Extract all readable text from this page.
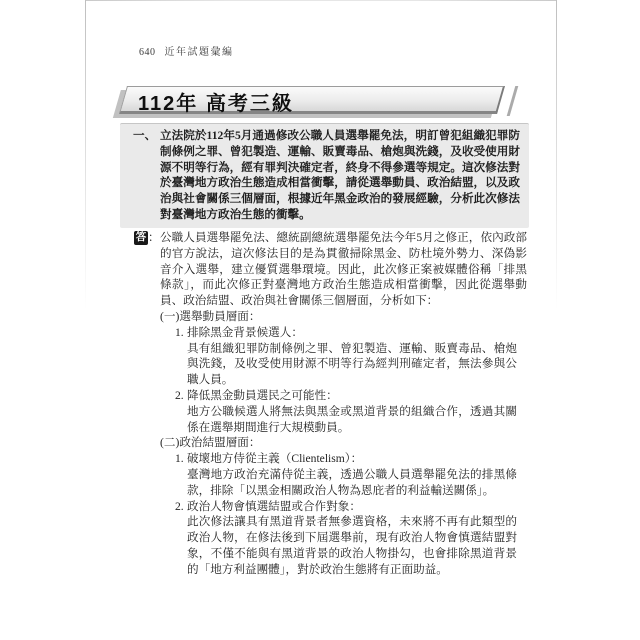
640 近年試題彙編
112年 高考三級
一、 立法院於112年5月通過修改公職人員選舉罷免法，明訂曾犯組織犯罪防制條例之罪、曾犯製造、運輸、販賣毒品、槍炮與洗錢，及收受使用財源不明等行為，經有罪判決確定者，終身不得參選等規定。這次修法對於臺灣地方政治生態造成相當衝擊，請從選舉動員、政治結盟，以及政治與社會關係三個層面，根據近年黑金政治的發展經驗，分析此次修法對臺灣地方政治生態的衝擊。
答 ： 公職人員選舉罷免法、總統副總統選舉罷免法今年5月之修正，依內政部的官方說法，這次修法目的是為貫徹掃除黑金、防杜境外勢力、深偽影音介入選舉，建立優質選舉環境。因此，此次修正案被媒體俗稱「排黑條款」，而此次修正對臺灣地方政治生態造成相當衝擊，因此從選舉動員、政治結盟、政治與社會關係三個層面，分析如下：
(一)選舉動員層面：
1. 排除黑金背景候選人：
具有組織犯罪防制條例之罪、曾犯製造、運輸、販賣毒品、槍炮與洗錢，及收受使用財源不明等行為經判刑確定者，無法參與公職人員。
2. 降低黑金動員選民之可能性：
地方公職候選人將無法與黑金或黑道背景的組織合作，透過其關係在選舉期間進行大規模動員。
(二)政治結盟層面：
1. 破壞地方侍從主義（Clientelism）：
臺灣地方政治充滿侍從主義，透過公職人員選舉罷免法的排黑條款，排除「以黑金相關政治人物為恩庇者的利益輸送關係」。
2. 政治人物會慎選結盟或合作對象：
此次修法讓具有黑道背景者無參選資格，未來將不再有此類型的政治人物，在修法後到下屆選舉前，現有政治人物會慎選結盟對象，不僅不能與有黑道背景的政治人物掛勾，也會排除黑道背景的「地方利益團體」，對於政治生態將有正面助益。
